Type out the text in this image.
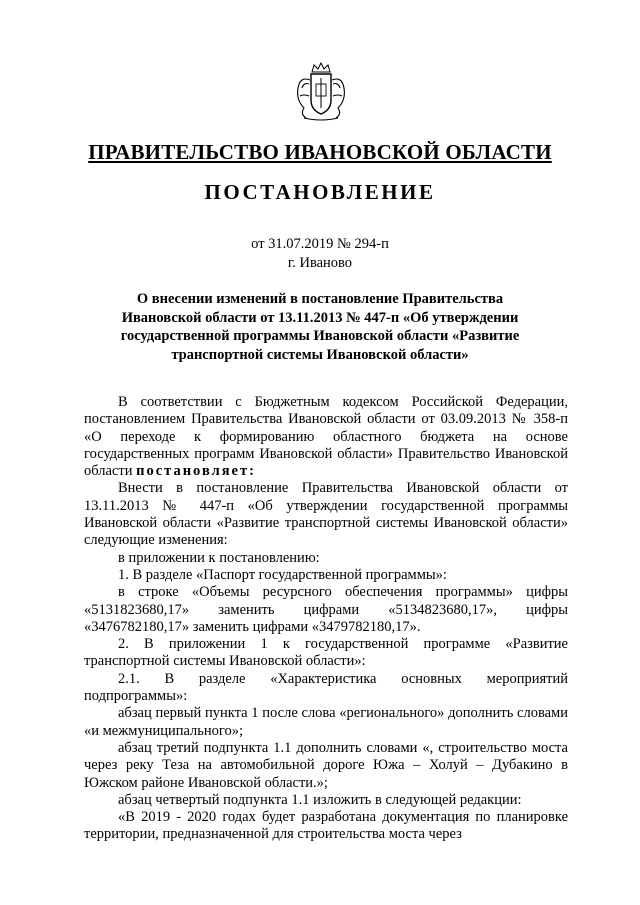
ПРАВИТЕЛЬСТВО ИВАНОВСКОЙ ОБЛАСТИ
ПОСТАНОВЛЕНИЕ
от 31.07.2019 № 294-п
г. Иваново
О внесении изменений в постановление Правительства Ивановской области от 13.11.2013 № 447-п «Об утверждении государственной программы Ивановской области «Развитие транспортной системы Ивановской области»

В соответствии с Бюджетным кодексом Российской Федерации, постановлением Правительства Ивановской области от 03.09.2013 № 358-п «О переходе к формированию областного бюджета на основе государственных программ Ивановской области» Правительство Ивановской области постановляет:

Внести в постановление Правительства Ивановской области от 13.11.2013 № 447-п «Об утверждении государственной программы Ивановской области «Развитие транспортной системы Ивановской области» следующие изменения:

в приложении к постановлению:

1. В разделе «Паспорт государственной программы»:

в строке «Объемы ресурсного обеспечения программы» цифры «5131823680,17» заменить цифрами «5134823680,17», цифры «3476782180,17» заменить цифрами «3479782180,17».

2. В приложении 1 к государственной программе «Развитие транспортной системы Ивановской области»:

2.1. В разделе «Характеристика основных мероприятий подпрограммы»:

абзац первый пункта 1 после слова «регионального» дополнить словами «и межмуниципального»;

абзац третий подпункта 1.1 дополнить словами «, строительство моста через реку Теза на автомобильной дороге Южа – Холуй – Дубакино в Южском районе Ивановской области.»;

абзац четвертый подпункта 1.1 изложить в следующей редакции:

«В 2019 - 2020 годах будет разработана документация по планировке территории, предназначенной для строительства моста через
